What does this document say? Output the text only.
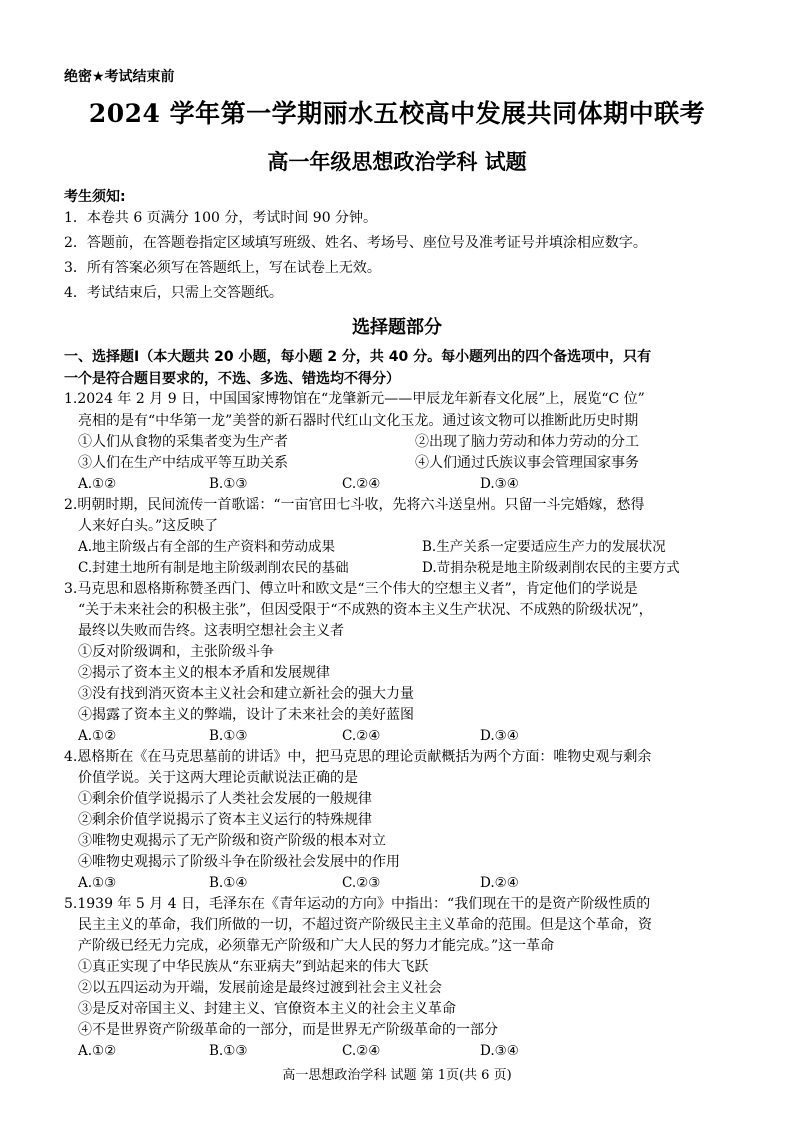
绝密★考试结束前
2024 学年第一学期丽水五校高中发展共同体期中联考
高一年级思想政治学科 试题
考生须知:
1．本卷共 6 页满分 100 分，考试时间 90 分钟。
2．答题前，在答题卷指定区域填写班级、姓名、考场号、座位号及准考证号并填涂相应数字。
3．所有答案必须写在答题纸上，写在试卷上无效。
4．考试结束后，只需上交答题纸。
选择题部分
一、选择题Ⅰ（本大题共 20 小题，每小题 2 分，共 40 分。每小题列出的四个备选项中，只有
一个是符合题目要求的，不选、多选、错选均不得分）
1.2024 年 2 月 9 日，中国国家博物馆在“龙肇新元——甲辰龙年新春文化展”上，展览“C 位”
亮相的是有“中华第一龙”美誉的新石器时代红山文化玉龙。通过该文物可以推断此历史时期
①人们从食物的采集者变为生产者	②出现了脑力劳动和体力劳动的分工
③人们在生产中结成平等互助关系	④人们通过氏族议事会管理国家事务
A.①②	B.①③	C.②④	D.③④
2.明朝时期，民间流传一首歌谣：“一亩官田七斗收，先将六斗送皇州。只留一斗完婚嫁，愁得
人来好白头。”这反映了
A.地主阶级占有全部的生产资料和劳动成果	B.生产关系一定要适应生产力的发展状况
C.封建土地所有制是地主阶级剥削农民的基础	D.苛捐杂税是地主阶级剥削农民的主要方式
3.马克思和恩格斯称赞圣西门、傅立叶和欧文是“三个伟大的空想主义者”，肯定他们的学说是
“关于未来社会的积极主张”，但因受限于“不成熟的资本主义生产状况、不成熟的阶级状况”，
最终以失败而告终。这表明空想社会主义者
①反对阶级调和，主张阶级斗争
②揭示了资本主义的根本矛盾和发展规律
③没有找到消灭资本主义社会和建立新社会的强大力量
④揭露了资本主义的弊端，设计了未来社会的美好蓝图
A.①②	B.①③	C.②④	D.③④
4.恩格斯在《在马克思墓前的讲话》中，把马克思的理论贡献概括为两个方面：唯物史观与剩余
价值学说。关于这两大理论贡献说法正确的是
①剩余价值学说揭示了人类社会发展的一般规律
②剩余价值学说揭示了资本主义运行的特殊规律
③唯物史观揭示了无产阶级和资产阶级的根本对立
④唯物史观揭示了阶级斗争在阶级社会发展中的作用
A.①③	B.①④	C.②③	D.②④
5.1939 年 5 月 4 日，毛泽东在《青年运动的方向》中指出：“我们现在干的是资产阶级性质的
民主主义的革命，我们所做的一切，不超过资产阶级民主主义革命的范围。但是这个革命，资
产阶级已经无力完成，必须靠无产阶级和广大人民的努力才能完成。”这一革命
①真正实现了中华民族从“东亚病夫”到站起来的伟大飞跃
②以五四运动为开端，发展前途是最终过渡到社会主义社会
③是反对帝国主义、封建主义、官僚资本主义的社会主义革命
④不是世界资产阶级革命的一部分，而是世界无产阶级革命的一部分
A.①②	B.①③	C.②④	D.③④
高一思想政治学科 试题 第 1页(共 6 页)
